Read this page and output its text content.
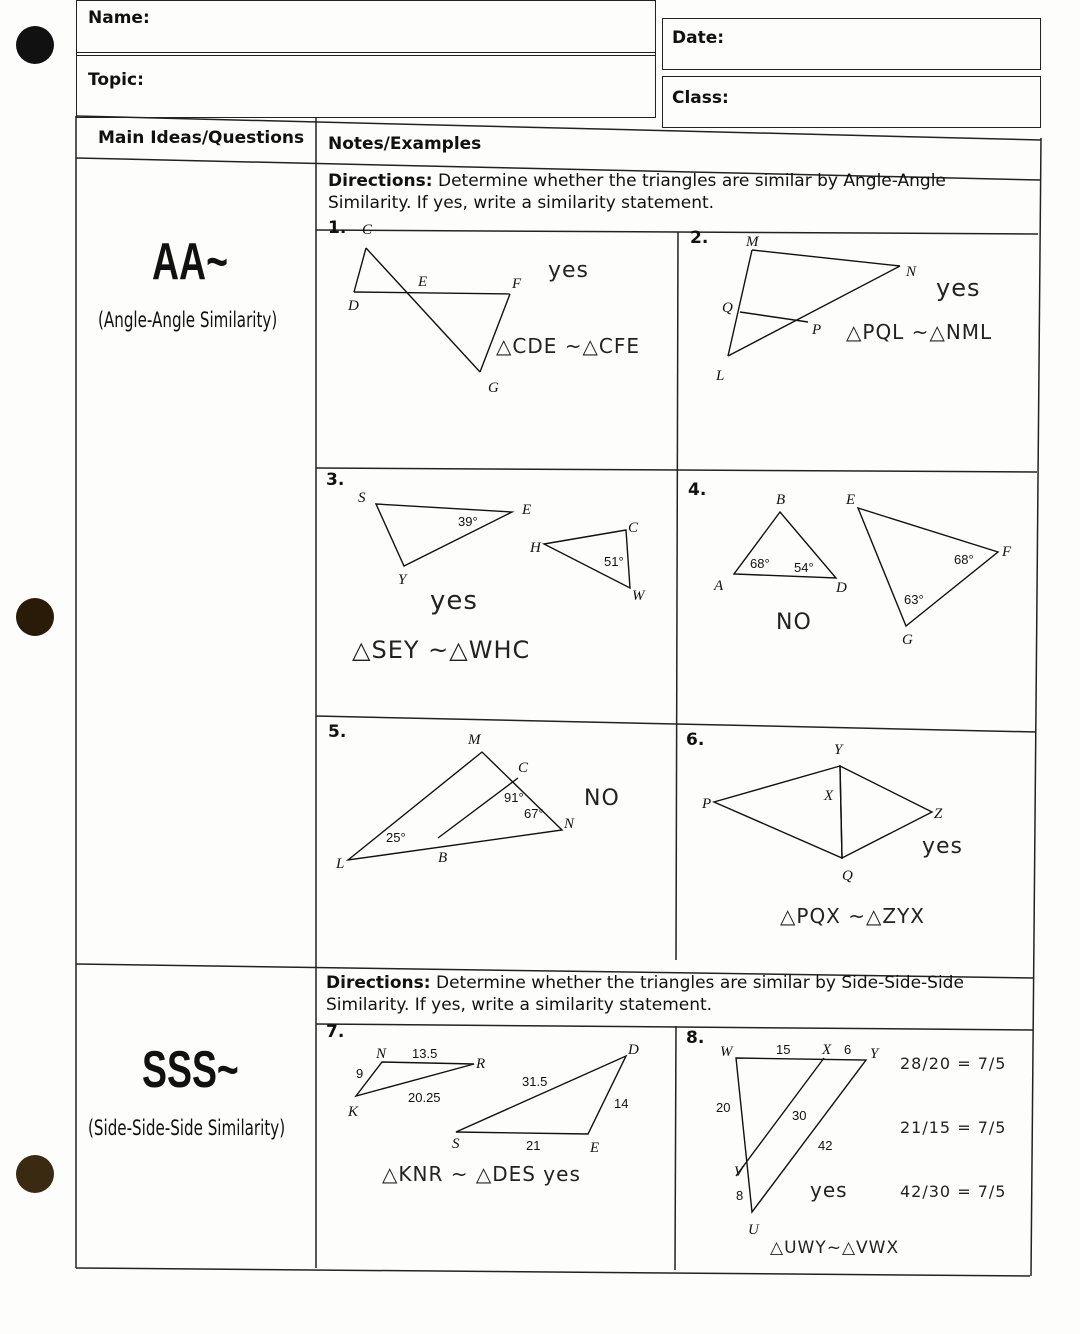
Name:
Date:
Topic:
Class:
Main Ideas/Questions Notes/Examples
Directions: Determine whether the triangles are similar by Angle-Angle Similarity. If yes, write a similarity statement.
AA~
(Angle-Angle Similarity)
Directions: Determine whether the triangles are similar by Side-Side-Side Similarity. If yes, write a similarity statement.
SSS~
(Side-Side-Side Similarity)
1.	2.
3.	4.
5.	6.
7.	8.
C
D
E	F
G
M
N
Q
P
L
S
Y
E
H
C
W
B
A	D
E
F
G
M
C
L	B
N
Y
P	X
Z
Q
N
R
K
S
D
E
W	X	Y
V
U
39°
51°	68° 54°
68°
63°
25°
91°
67°
13.5
9
20.25
31.5
14
21
15	6
20
30
42
8
yes
△CDE ~△CFE
yes
△PQL ~△NML
yes
△SEY ~△WHC
NO
NO
yes
△PQX ~△ZYX
△KNR ~ △DES yes
yes
△UWY~△VWX
28/20 = 7/5
21/15 = 7/5
42/30 = 7/5
